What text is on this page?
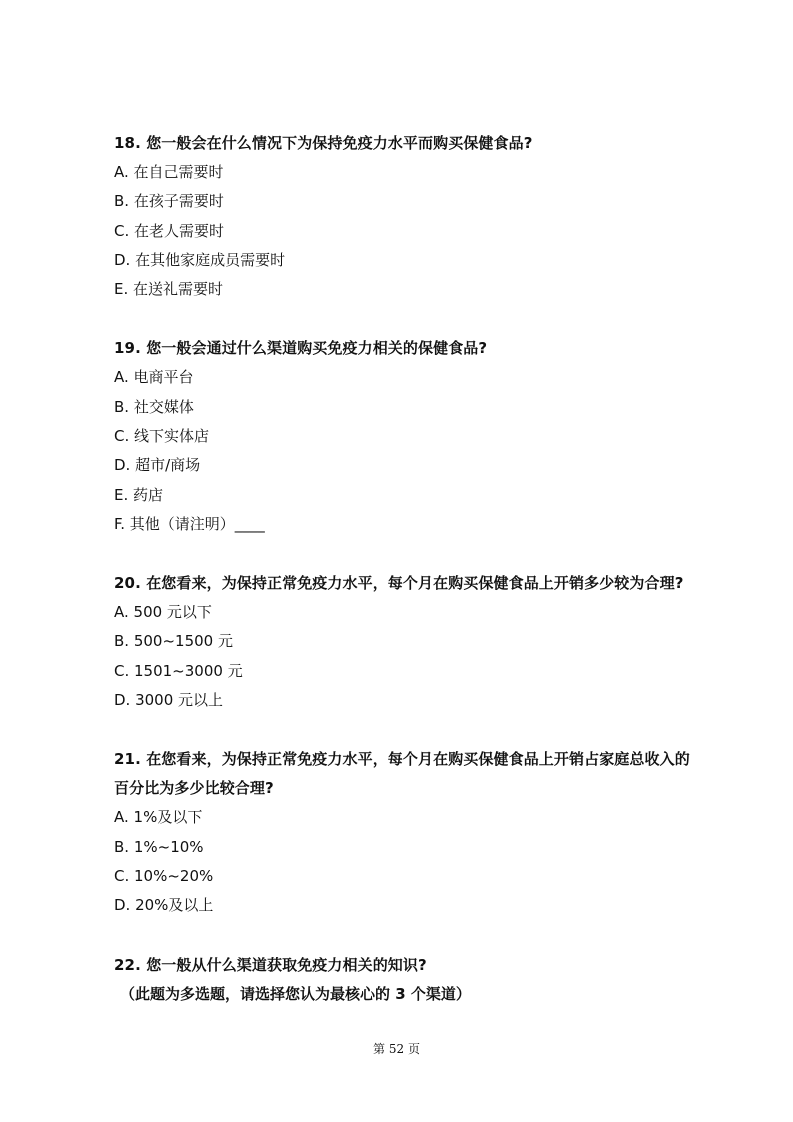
18. 您一般会在什么情况下为保持免疫力水平而购买保健食品?
A. 在自己需要时
B. 在孩子需要时
C. 在老人需要时
D. 在其他家庭成员需要时
E. 在送礼需要时
19. 您一般会通过什么渠道购买免疫力相关的保健食品?
A. 电商平台
B. 社交媒体
C. 线下实体店
D. 超市/商场
E. 药店
F. 其他（请注明）____
20. 在您看来，为保持正常免疫力水平，每个月在购买保健食品上开销多少较为合理?
A. 500 元以下
B. 500~1500 元
C. 1501~3000 元
D. 3000 元以上
21. 在您看来，为保持正常免疫力水平，每个月在购买保健食品上开销占家庭总收入的
百分比为多少比较合理?
A. 1%及以下
B. 1%~10%
C. 10%~20%
D. 20%及以上
22. 您一般从什么渠道获取免疫力相关的知识?
（此题为多选题，请选择您认为最核心的 3 个渠道）
第 52 页
